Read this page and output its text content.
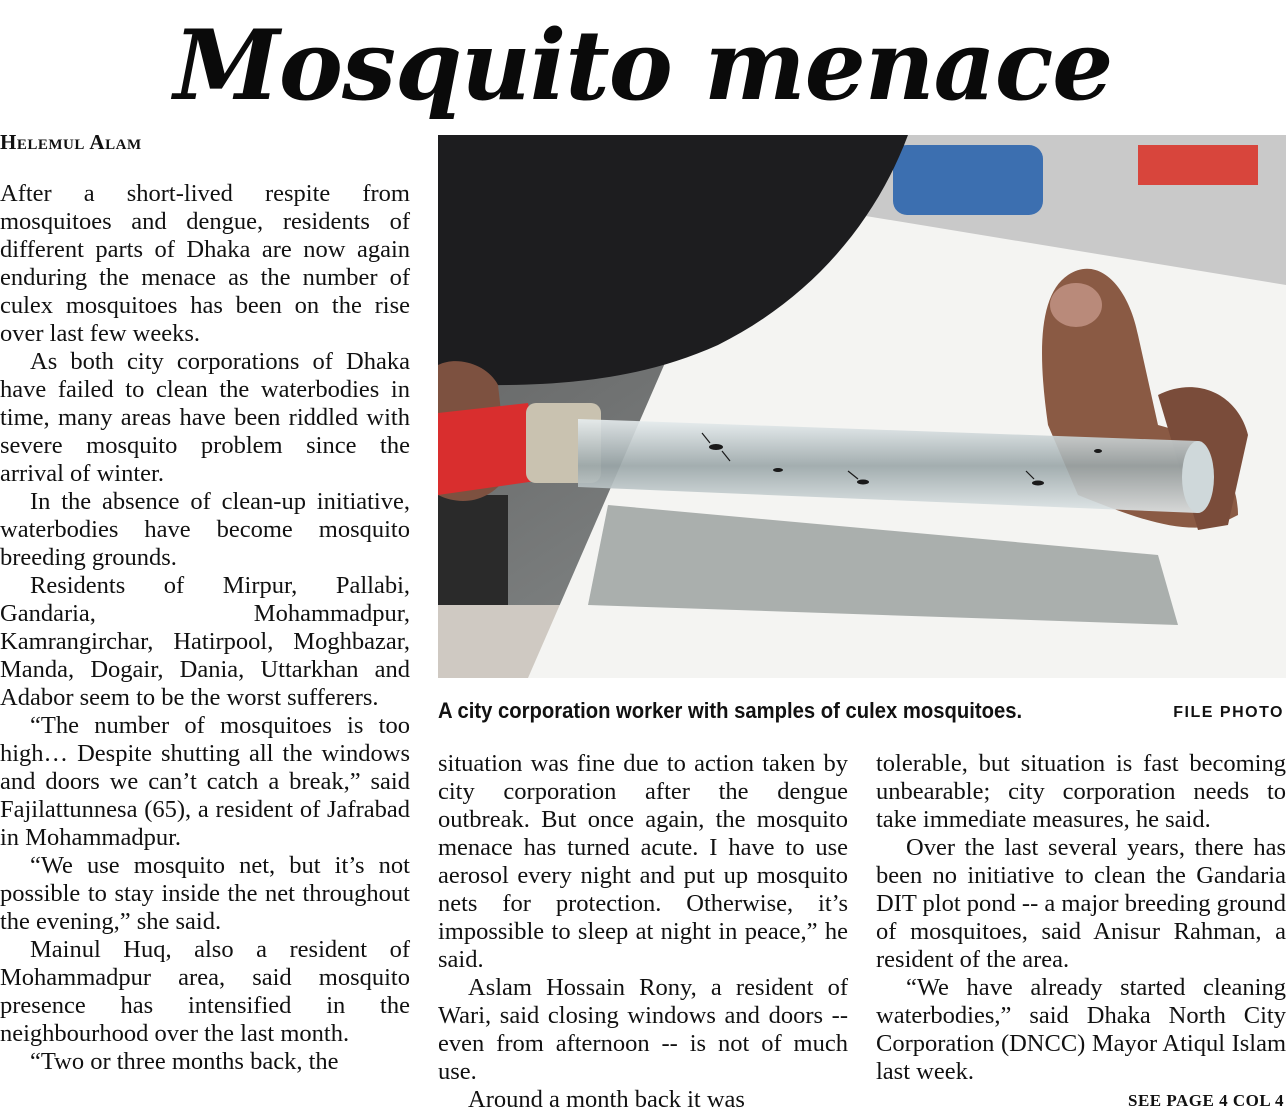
Mosquito menace
Helemul Alam

After a short-lived respite from mosquitoes and dengue, residents of different parts of Dhaka are now again enduring the menace as the number of culex mosquitoes has been on the rise over last few weeks.

As both city corporations of Dhaka have failed to clean the waterbodies in time, many areas have been riddled with severe mosquito problem since the arrival of winter.

In the absence of clean-up initiative, waterbodies have become mosquito breeding grounds.

Residents of Mirpur, Pallabi, Gandaria, Mohammadpur, Kamrangirchar, Hatirpool, Moghbazar, Manda, Dogair, Dania, Uttarkhan and Adabor seem to be the worst sufferers.

“The number of mosquitoes is too high… Despite shutting all the windows and doors we can’t catch a break,” said Fajilattunnesa (65), a resident of Jafrabad in Mohammadpur.

“We use mosquito net, but it’s not possible to stay inside the net throughout the evening,” she said.

Mainul Huq, also a resident of Mohammadpur area, said mosquito presence has intensified in the neighbourhood over the last month.

“Two or three months back, the

A city corporation worker with samples of culex mosquitoes.	FILE PHOTO

situation was fine due to action taken by city corporation after the dengue outbreak. But once again, the mosquito menace has turned acute. I have to use aerosol every night and put up mosquito nets for protection. Otherwise, it’s impossible to sleep at night in peace,” he said.

Aslam Hossain Rony, a resident of Wari, said closing windows and doors -- even from afternoon -- is not of much use.

Around a month back it was

tolerable, but situation is fast becoming unbearable; city corporation needs to take immediate measures, he said.

Over the last several years, there has been no initiative to clean the Gandaria DIT plot pond -- a major breeding ground of mosquitoes, said Anisur Rahman, a resident of the area.

“We have already started cleaning waterbodies,” said Dhaka North City Corporation (DNCC) Mayor Atiqul Islam last week.

SEE PAGE 4 COL 4
